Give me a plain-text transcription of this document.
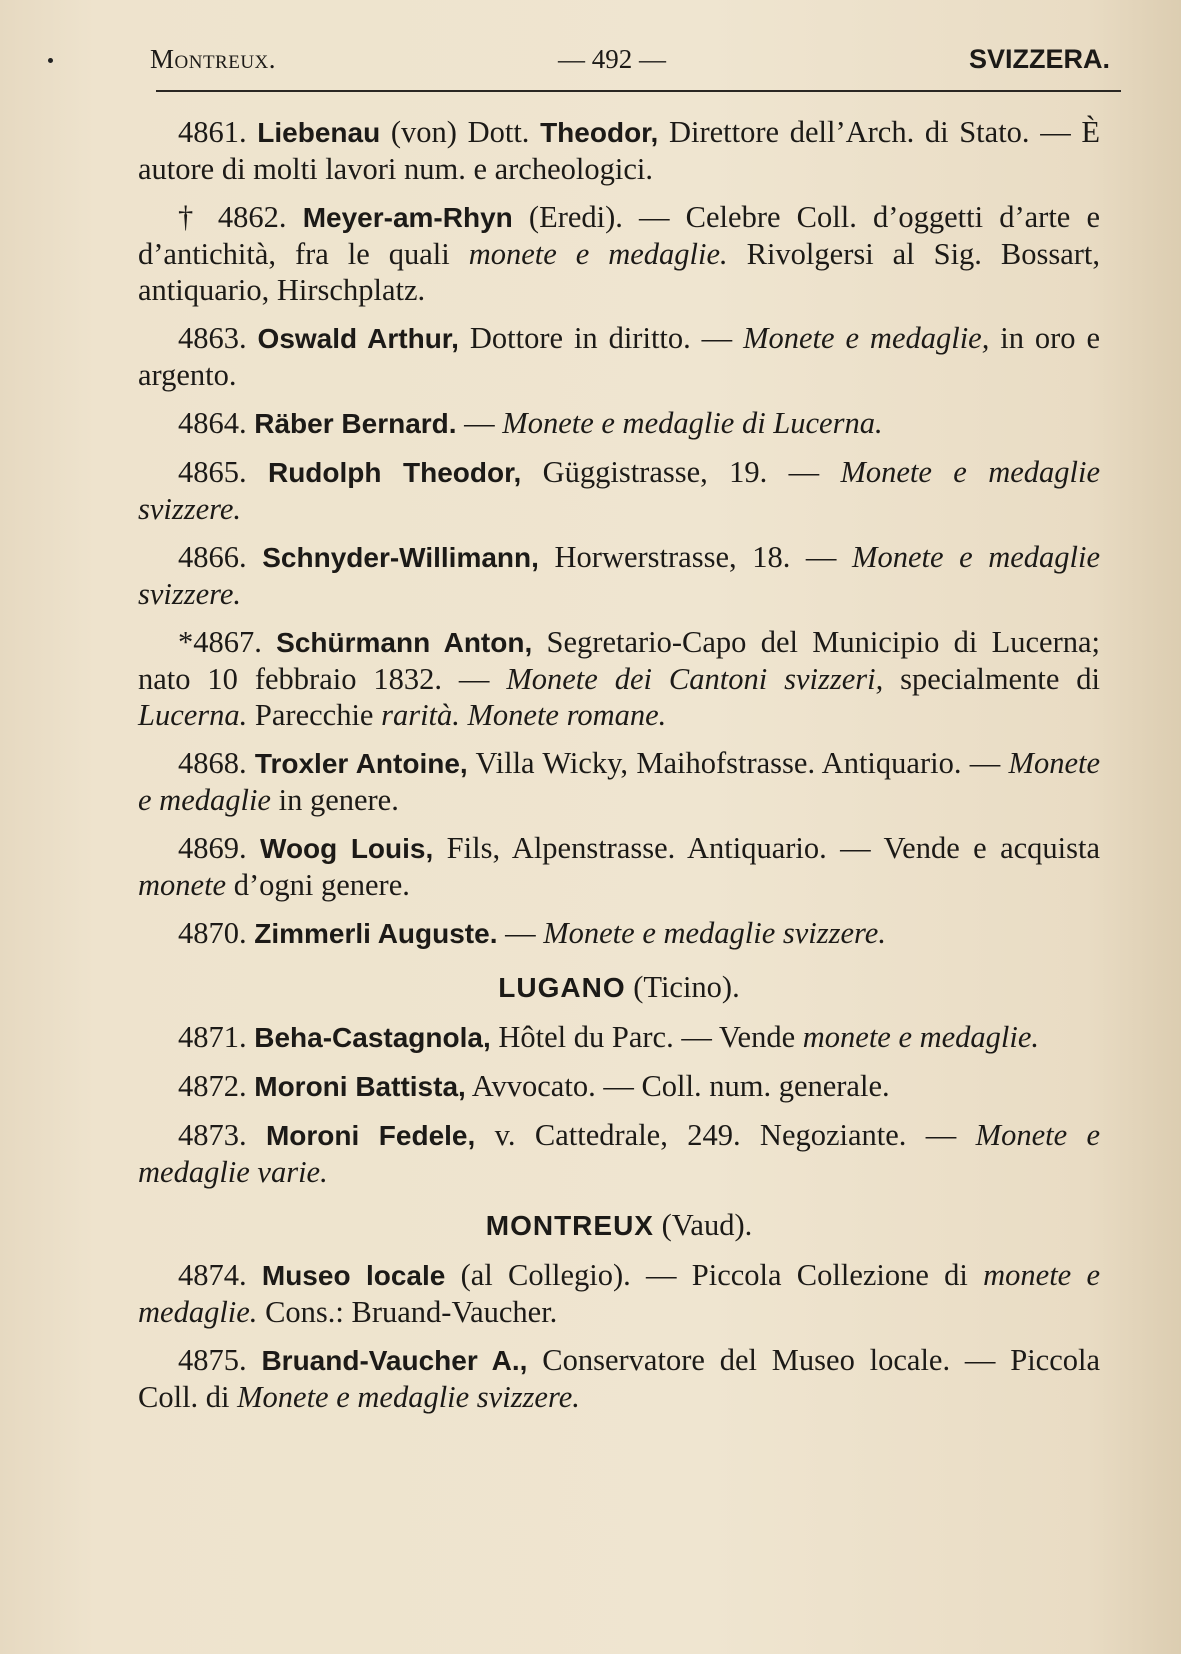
Montreux.	— 492 —	SVIZZERA.

4861. Liebenau (von) Dott. Theodor, Direttore dell’Arch. di Stato. — È autore di molti lavori num. e archeologici.

† 4862. Meyer-am-Rhyn (Eredi). — Celebre Coll. d’oggetti d’arte e d’antichità, fra le quali monete e medaglie. Rivolgersi al Sig. Bossart, antiquario, Hirschplatz.

4863. Oswald Arthur, Dottore in diritto. — Monete e medaglie, in oro e argento.

4864. Räber Bernard. — Monete e medaglie di Lucerna.

4865. Rudolph Theodor, Güggistrasse, 19. — Monete e medaglie svizzere.

4866. Schnyder-Willimann, Horwerstrasse, 18. — Monete e medaglie svizzere.

*4867. Schürmann Anton, Segretario-Capo del Municipio di Lucerna; nato 10 febbraio 1832. — Monete dei Cantoni svizzeri, specialmente di Lucerna. Parecchie rarità. Monete romane.

4868. Troxler Antoine, Villa Wicky, Maihofstrasse. Antiquario. — Monete e medaglie in genere.

4869. Woog Louis, Fils, Alpenstrasse. Antiquario. — Vende e acquista monete d’ogni genere.

4870. Zimmerli Auguste. — Monete e medaglie svizzere.

LUGANO (Ticino).

4871. Beha-Castagnola, Hôtel du Parc. — Vende monete e medaglie.

4872. Moroni Battista, Avvocato. — Coll. num. generale.

4873. Moroni Fedele, v. Cattedrale, 249. Negoziante. — Monete e medaglie varie.

MONTREUX (Vaud).

4874. Museo locale (al Collegio). — Piccola Collezione di monete e medaglie. Cons.: Bruand-Vaucher.

4875. Bruand-Vaucher A., Conservatore del Museo locale. — Piccola Coll. di Monete e medaglie svizzere.
